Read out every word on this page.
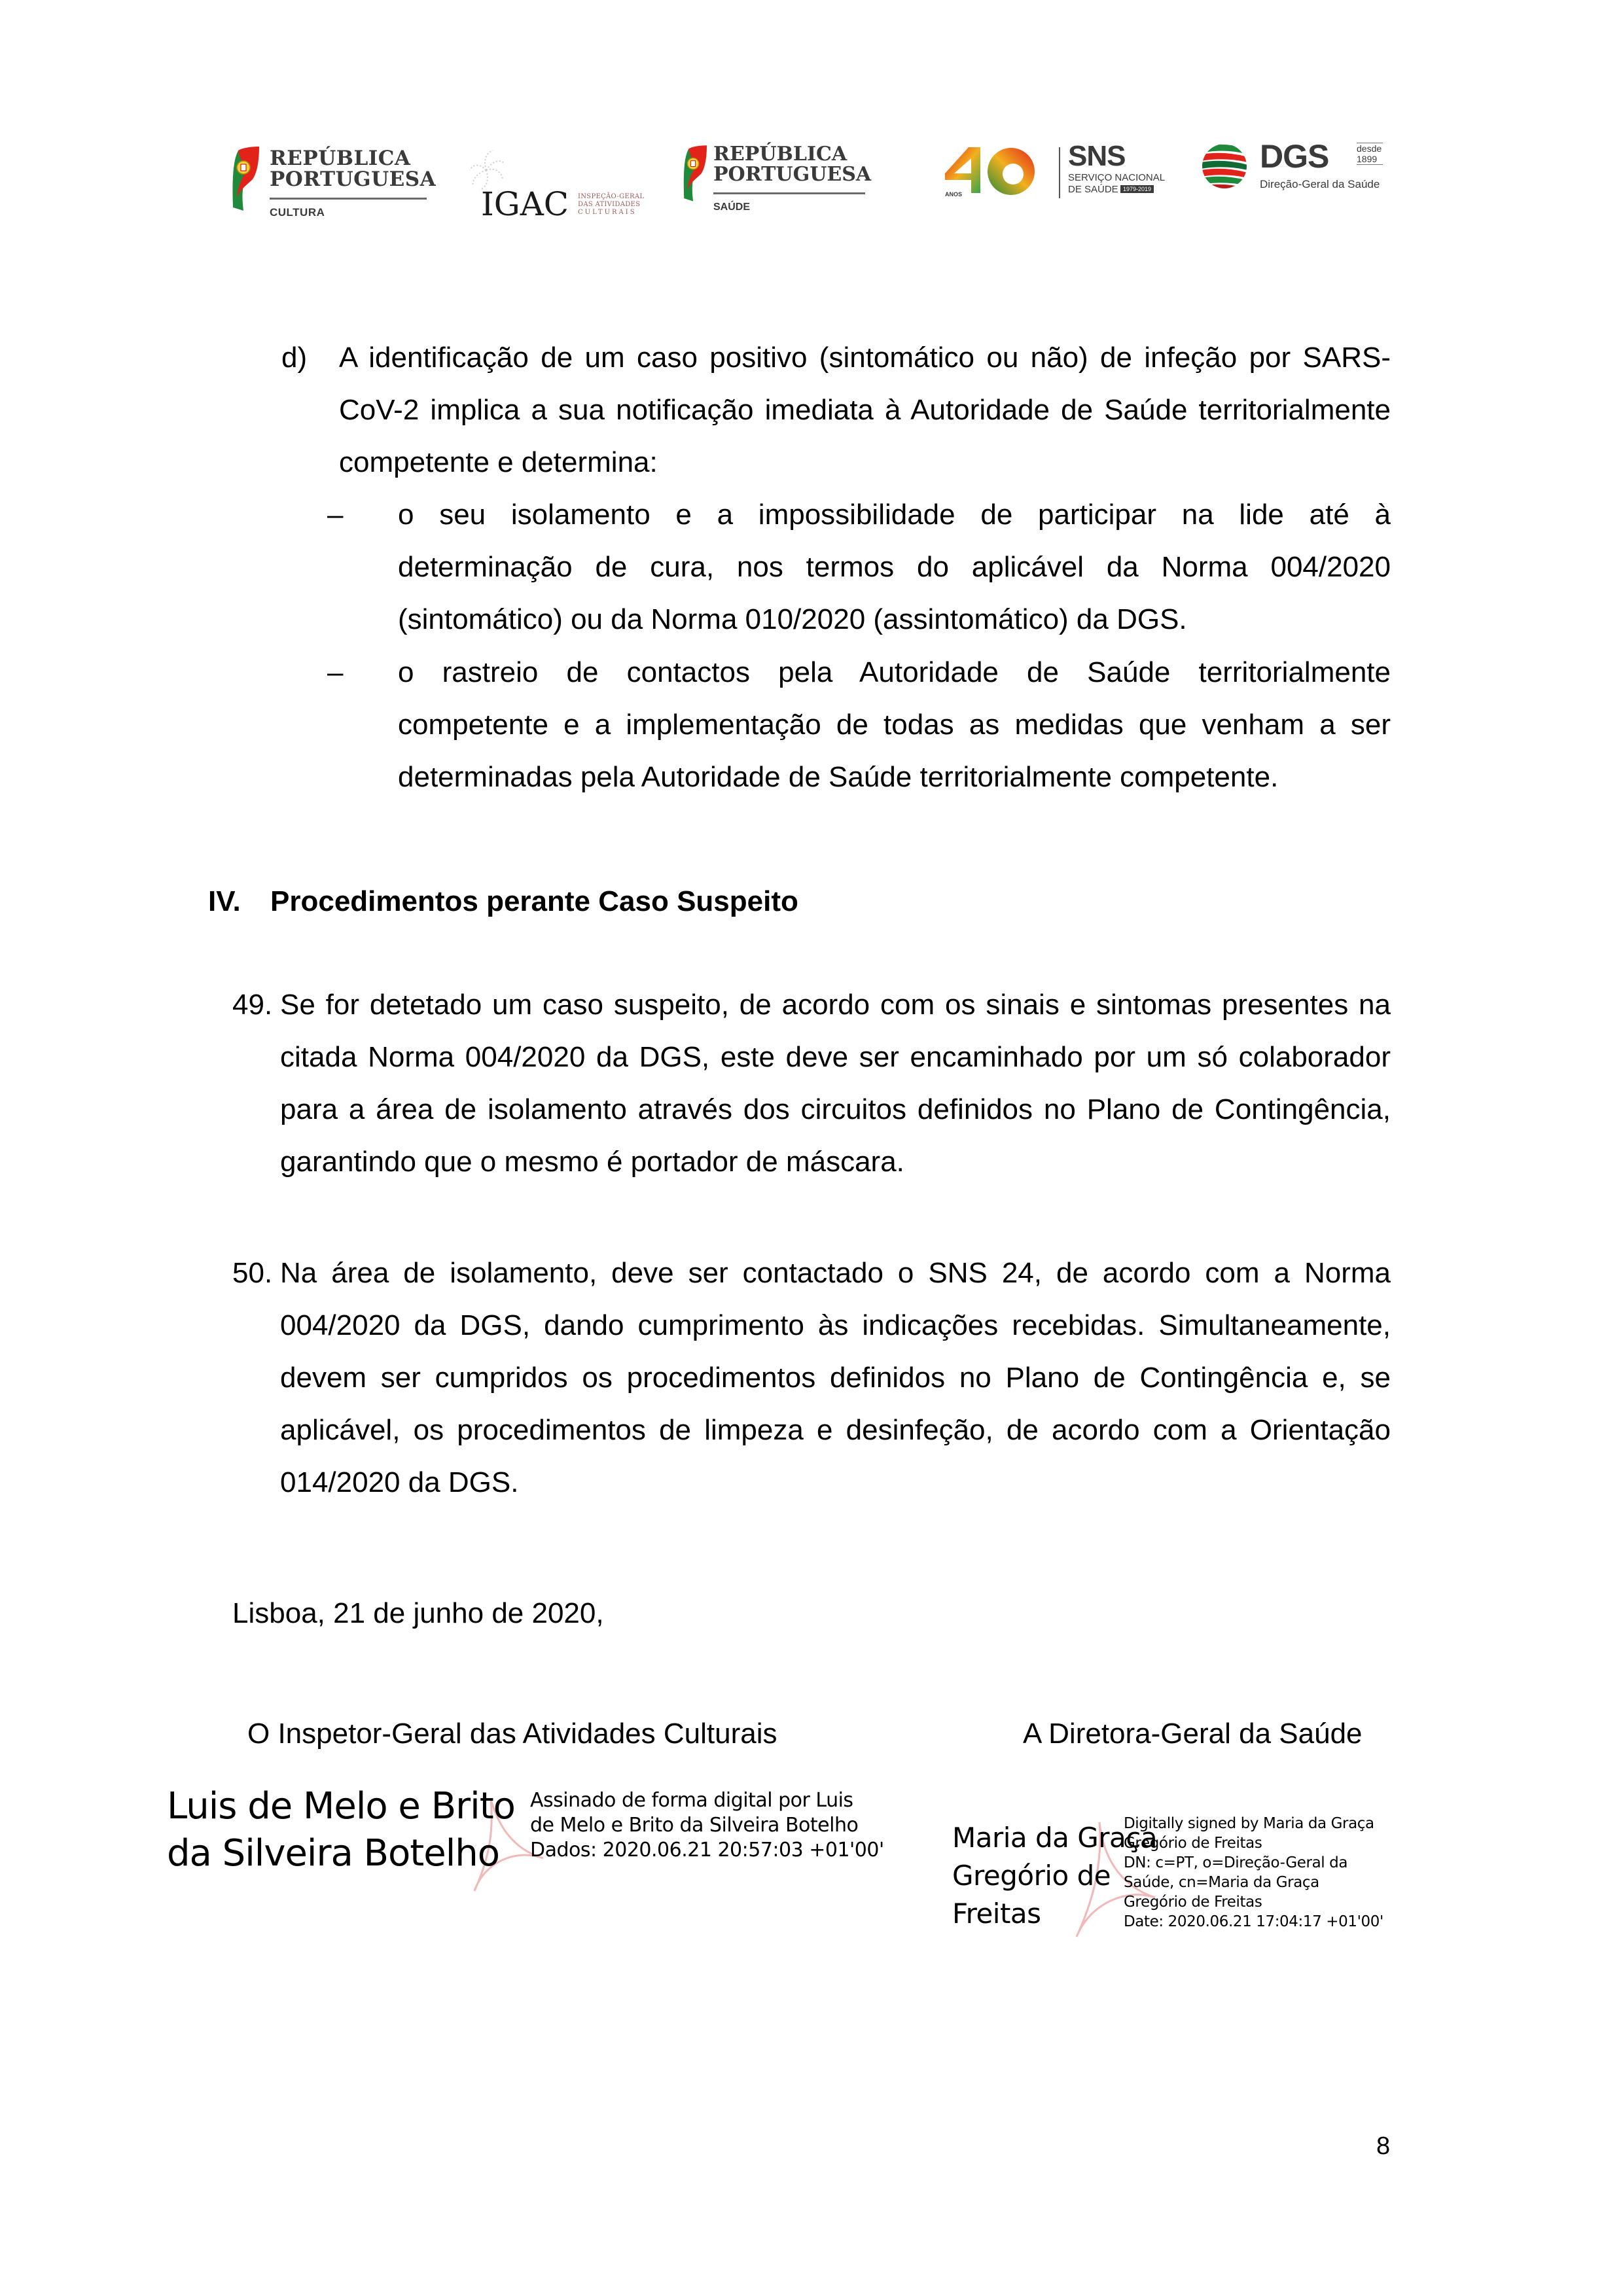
REPÚBLICA
PORTUGUESA
CULTURA	IGAC INSPEÇÃO-GERAL
DAS ATIVIDADES
CULTURAIS
REPÚBLICA
PORTUGUESA
SAÚDE
ANOS
SNS
SERVIÇO NACIONAL
DE SAÚDE 1979-2019
DGS	desde
1899
Direção-Geral da Saúde
d) A identificação de um caso positivo (sintomático ou não) de infeção por SARS-
CoV-2 implica a sua notificação imediata à Autoridade de Saúde territorialmente
competente e determina:
– o seu isolamento e a impossibilidade de participar na lide até à
determinação de cura, nos termos do aplicável da Norma 004/2020
(sintomático) ou da Norma 010/2020 (assintomático) da DGS.
– o rastreio de contactos pela Autoridade de Saúde territorialmente
competente e a implementação de todas as medidas que venham a ser
determinadas pela Autoridade de Saúde territorialmente competente.
IV. Procedimentos perante Caso Suspeito
49. Se for detetado um caso suspeito, de acordo com os sinais e sintomas presentes na
citada Norma 004/2020 da DGS, este deve ser encaminhado por um só colaborador
para a área de isolamento através dos circuitos definidos no Plano de Contingência,
garantindo que o mesmo é portador de máscara.
50. Na área de isolamento, deve ser contactado o SNS 24, de acordo com a Norma
004/2020 da DGS, dando cumprimento às indicações recebidas. Simultaneamente,
devem ser cumpridos os procedimentos definidos no Plano de Contingência e, se
aplicável, os procedimentos de limpeza e desinfeção, de acordo com a Orientação
014/2020 da DGS.
Lisboa, 21 de junho de 2020,
O Inspetor-Geral das Atividades Culturais	A Diretora-Geral da Saúde
Luis de Melo e Brito
da Silveira Botelho
Assinado de forma digital por Luis
de Melo e Brito da Silveira Botelho
Dados: 2020.06.21 20:57:03 +01'00' Maria da Graça
Gregório de
Freitas
Digitally signed by Maria da Graça
Gregório de Freitas
DN: c=PT, o=Direção-Geral da
Saúde, cn=Maria da Graça
Gregório de Freitas
Date: 2020.06.21 17:04:17 +01'00'
8
